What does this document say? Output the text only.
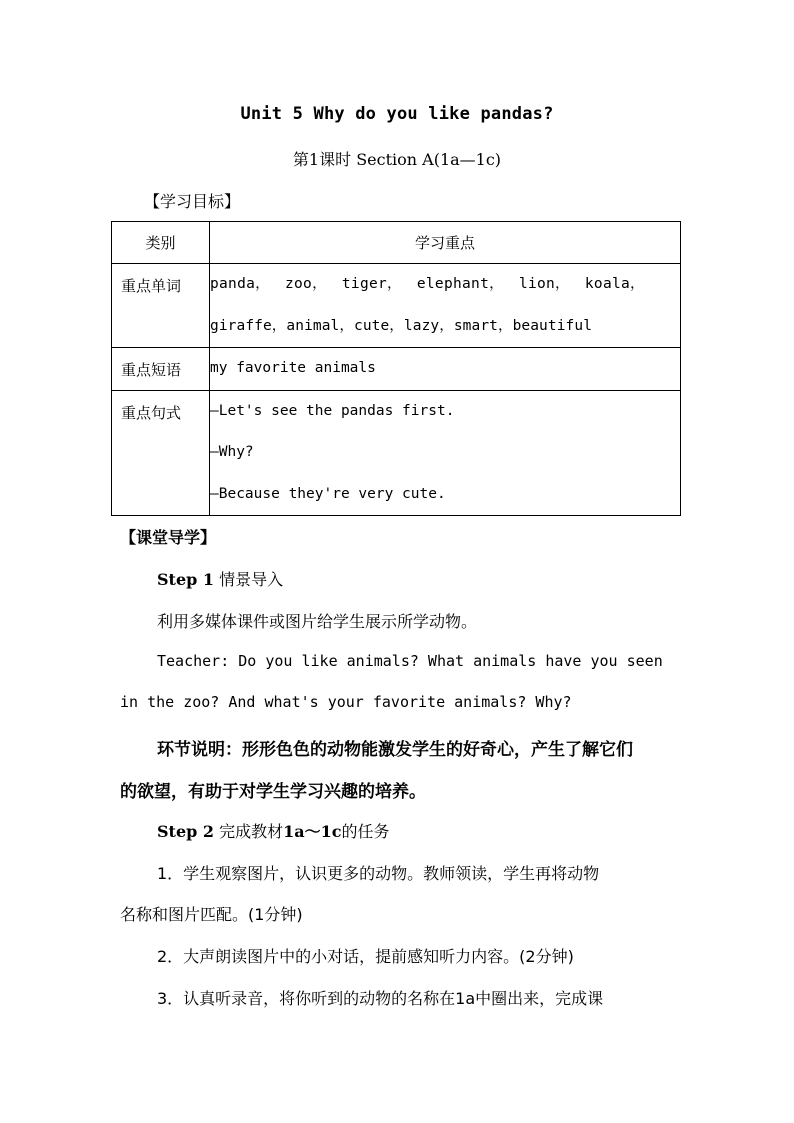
Unit 5 Why do you like pandas?
第1课时 Section A(1a—1c)
【学习目标】
类别	学习重点

重点单词	panda， zoo， tiger， elephant， lion， koala，
giraffe，animal，cute，lazy，smart，beautiful

重点短语	my favorite animals

重点句式	—Let's see the pandas first.
—Why?
—Because they're very cute.
【课堂导学】
Step 1 情景导入
利用多媒体课件或图片给学生展示所学动物。
Teacher: Do you like animals? What animals have you seen
in the zoo? And what's your favorite animals? Why?
环节说明：形形色色的动物能激发学生的好奇心，产生了解它们
的欲望，有助于对学生学习兴趣的培养。
Step 2 完成教材1a～1c的任务
1．学生观察图片，认识更多的动物。教师领读，学生再将动物
名称和图片匹配。(1分钟)
2．大声朗读图片中的小对话，提前感知听力内容。(2分钟)
3．认真听录音，将你听到的动物的名称在1a中圈出来，完成课
